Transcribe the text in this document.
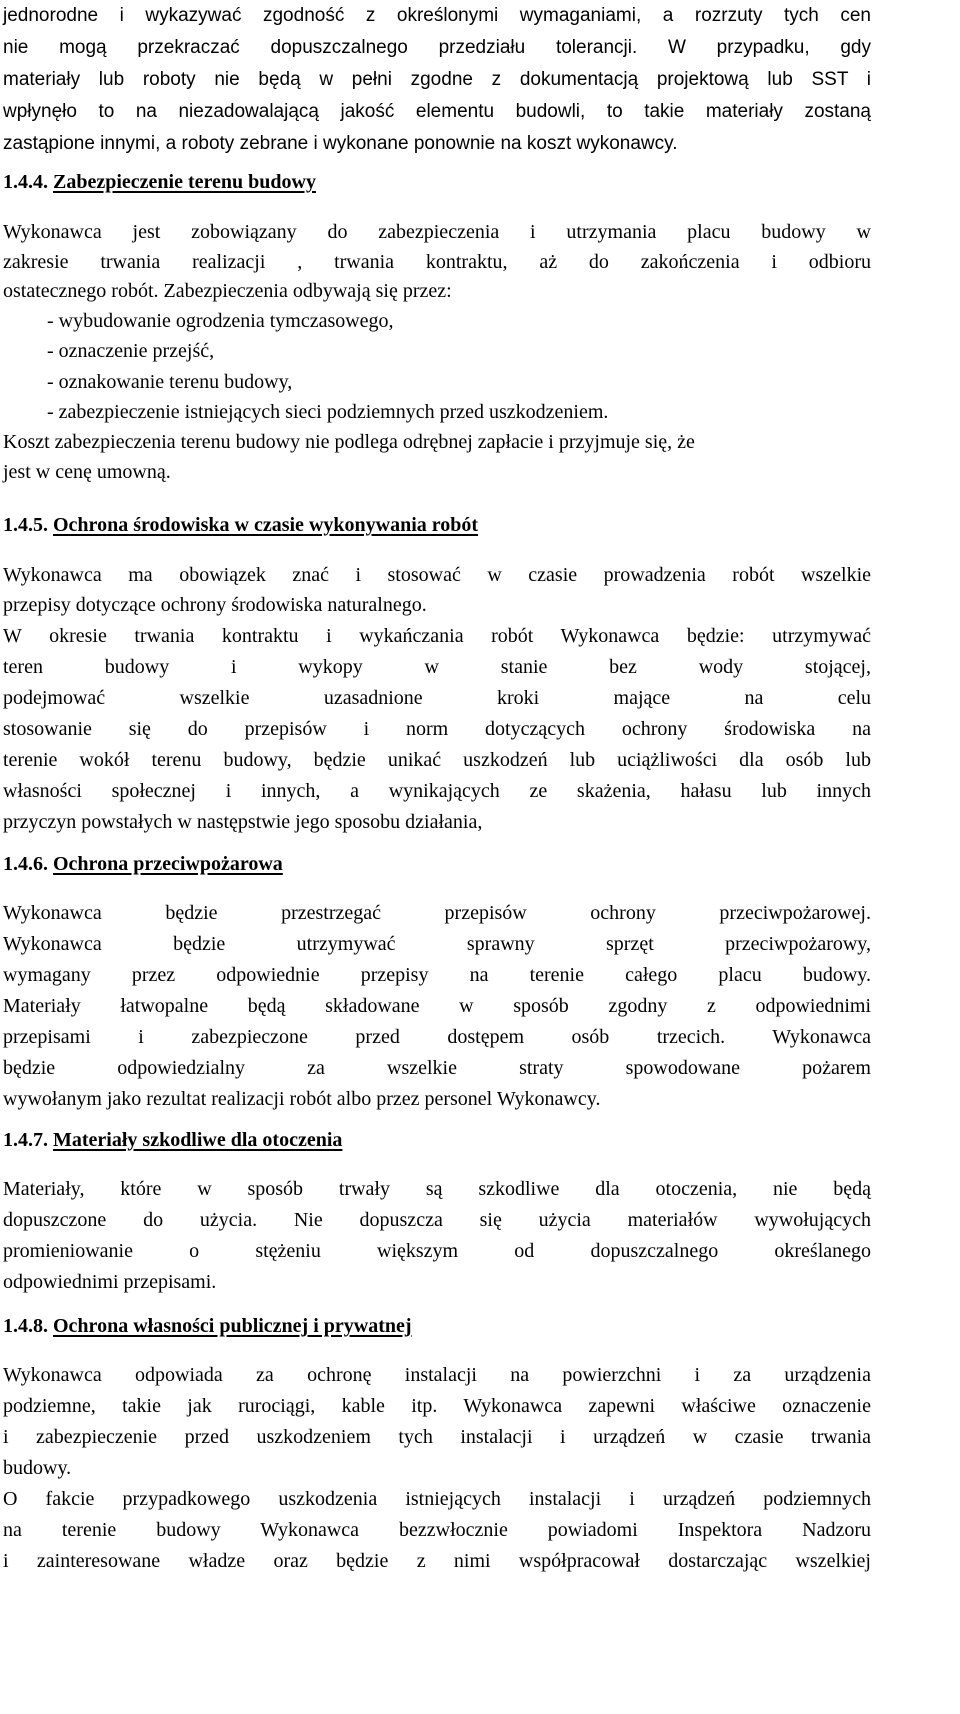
jednorodne i wykazywać zgodność z określonymi wymaganiami, a rozrzuty tych cen
nie mogą przekraczać dopuszczalnego przedziału tolerancji. W przypadku, gdy
materiały lub roboty nie będą w pełni zgodne z dokumentacją projektową lub SST i
wpłynęło to na niezadowalającą jakość elementu budowli, to takie materiały zostaną
zastąpione innymi, a roboty zebrane i wykonane ponownie na koszt wykonawcy.
1.4.4. Zabezpieczenie terenu budowy
Wykonawca jest zobowiązany do zabezpieczenia i utrzymania placu budowy w
zakresie trwania realizacji , trwania kontraktu, aż do zakończenia i odbioru
ostatecznego robót. Zabezpieczenia odbywają się przez:
- wybudowanie ogrodzenia tymczasowego,
- oznaczenie przejść,
- oznakowanie terenu budowy,
- zabezpieczenie istniejących sieci podziemnych przed uszkodzeniem.
Koszt zabezpieczenia terenu budowy nie podlega odrębnej zapłacie i przyjmuje się, że
jest w cenę umowną.
1.4.5. Ochrona środowiska w czasie wykonywania robót
Wykonawca ma obowiązek znać i stosować w czasie prowadzenia robót wszelkie
przepisy dotyczące ochrony środowiska naturalnego.
W okresie trwania kontraktu i wykańczania robót Wykonawca będzie: utrzymywać
teren budowy i wykopy w stanie bez wody stojącej,
podejmować wszelkie uzasadnione kroki mające na celu
stosowanie się do przepisów i norm dotyczących ochrony środowiska na
terenie wokół terenu budowy, będzie unikać uszkodzeń lub uciążliwości dla osób lub
własności społecznej i innych, a wynikających ze skażenia, hałasu lub innych
przyczyn powstałych w następstwie jego sposobu działania,
1.4.6. Ochrona przeciwpożarowa
Wykonawca będzie przestrzegać przepisów ochrony przeciwpożarowej.
Wykonawca będzie utrzymywać sprawny sprzęt przeciwpożarowy,
wymagany przez odpowiednie przepisy na terenie całego placu budowy.
Materiały łatwopalne będą składowane w sposób zgodny z odpowiednimi
przepisami i zabezpieczone przed dostępem osób trzecich. Wykonawca
będzie odpowiedzialny za wszelkie straty spowodowane pożarem
wywołanym jako rezultat realizacji robót albo przez personel Wykonawcy.
1.4.7. Materiały szkodliwe dla otoczenia
Materiały, które w sposób trwały są szkodliwe dla otoczenia, nie będą
dopuszczone do użycia. Nie dopuszcza się użycia materiałów wywołujących
promieniowanie o stężeniu większym od dopuszczalnego określanego
odpowiednimi przepisami.
1.4.8. Ochrona własności publicznej i prywatnej
Wykonawca odpowiada za ochronę instalacji na powierzchni i za urządzenia
podziemne, takie jak rurociągi, kable itp. Wykonawca zapewni właściwe oznaczenie
i zabezpieczenie przed uszkodzeniem tych instalacji i urządzeń w czasie trwania
budowy.
O fakcie przypadkowego uszkodzenia istniejących instalacji i urządzeń podziemnych
na terenie budowy Wykonawca bezzwłocznie powiadomi Inspektora Nadzoru
i zainteresowane władze oraz będzie z nimi współpracował dostarczając wszelkiej
